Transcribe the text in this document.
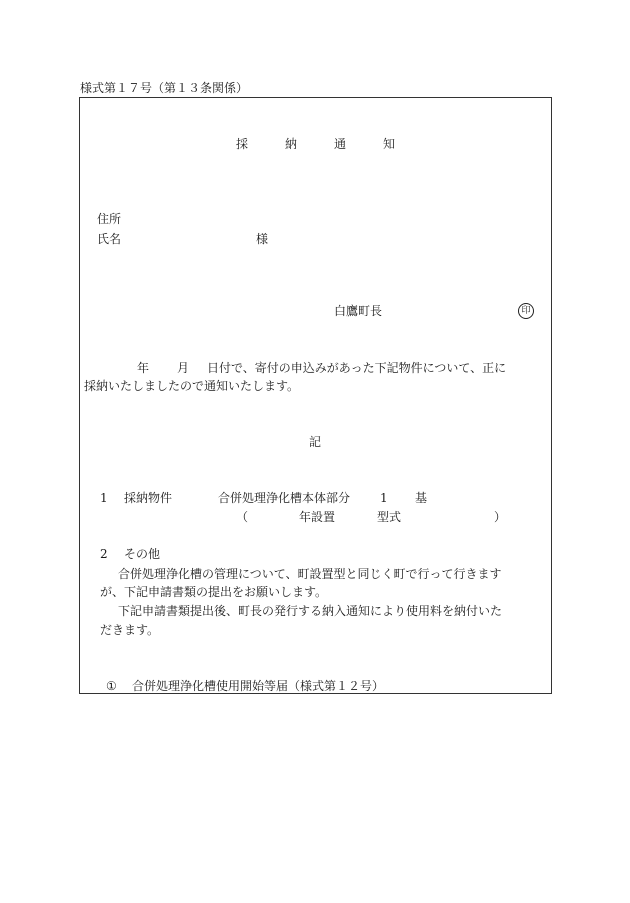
様式第１７号（第１３条関係）
採	納	通	知
住所
氏名	様
白鷹町長	印
年 月 日付で、寄付の申込みがあった下記物件について、正に
採納いたしましたので通知いたします。
記
1 採納物件	合併処理浄化槽本体部分 1 基
（	年設置	型式	）
2 その他
合併処理浄化槽の管理について、町設置型と同じく町で行って行きます
が、下記申請書類の提出をお願いします。
下記申請書類提出後、町長の発行する納入通知により使用料を納付いた
だきます。
① 合併処理浄化槽使用開始等届（様式第１２号）
